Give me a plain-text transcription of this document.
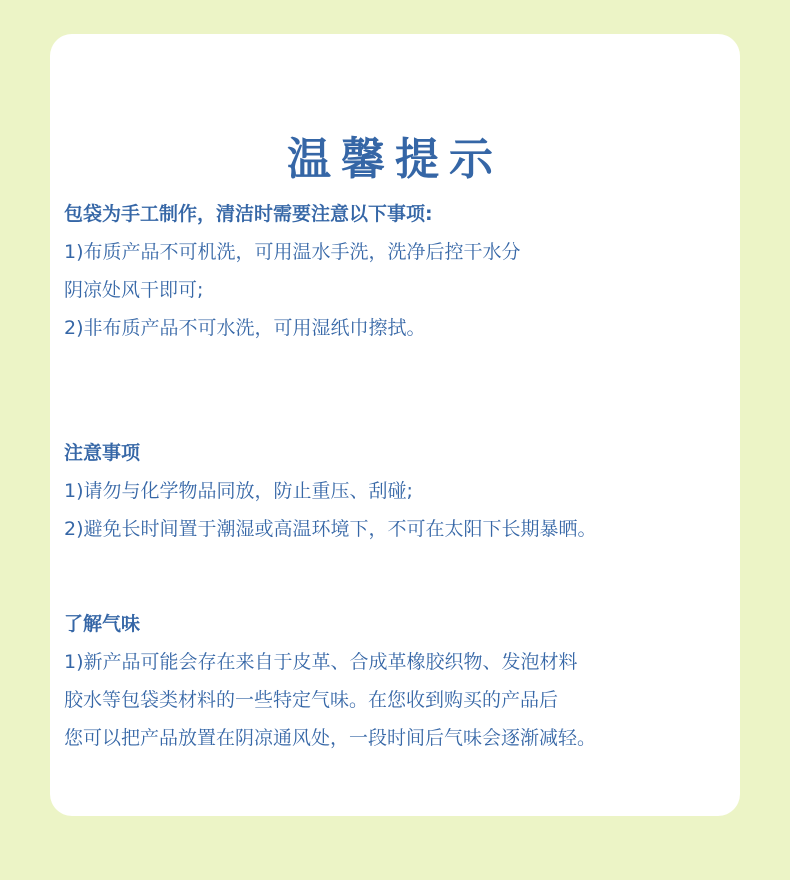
温馨提示
包袋为手工制作，清洁时需要注意以下事项:
1)布质产品不可机洗，可用温水手洗，洗净后控干水分
阴凉处风干即可;
2)非布质产品不可水洗，可用湿纸巾擦拭。
注意事项
1)请勿与化学物品同放，防止重压、刮碰;
2)避免长时间置于潮湿或高温环境下，不可在太阳下长期暴晒。
了解气味
1)新产品可能会存在来自于皮革、合成革橡胶织物、发泡材料
胶水等包袋类材料的一些特定气味。在您收到购买的产品后
您可以把产品放置在阴凉通风处，一段时间后气味会逐渐减轻。
